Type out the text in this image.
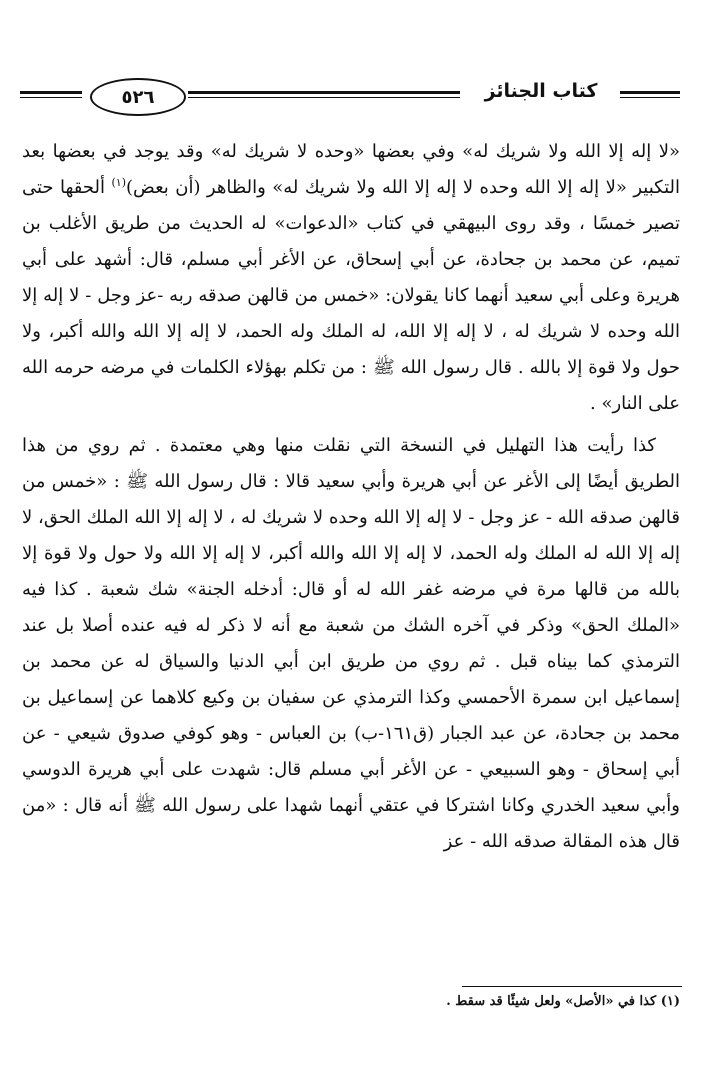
٥٢٦	كتاب الجنائز

«لا إله إلا الله ولا شريك له» وفي بعضها «وحده لا شريك له» وقد يوجد في بعضها بعد التكبير «لا إله إلا الله وحده لا إله إلا الله ولا شريك له» والظاهر (أن بعض)$^{(١)}$ ألحقها حتى تصير خمسًا ، وقد روى البيهقي في كتاب «الدعوات» له الحديث من طريق الأغلب بن تميم، عن محمد بن جحادة، عن أبي إسحاق، عن الأغر أبي مسلم، قال: أشهد على أبي هريرة وعلى أبي سعيد أنهما كانا يقولان: «خمس من قالهن صدقه ربه -عز وجل - لا إله إلا الله وحده لا شريك له ، لا إله إلا الله، له الملك وله الحمد، لا إله إلا الله والله أكبر، ولا حول ولا قوة إلا بالله . قال رسول الله ﷺ : من تكلم بهؤلاء الكلمات في مرضه حرمه الله على النار» .

كذا رأيت هذا التهليل في النسخة التي نقلت منها وهي معتمدة . ثم روي من هذا الطريق أيضًا إلى الأغر عن أبي هريرة وأبي سعيد قالا : قال رسول الله ﷺ : «خمس من قالهن صدقه الله - عز وجل - لا إله إلا الله وحده لا شريك له ، لا إله إلا الله الملك الحق، لا إله إلا الله له الملك وله الحمد، لا إله إلا الله والله أكبر، لا إله إلا الله ولا حول ولا قوة إلا بالله من قالها مرة في مرضه غفر الله له أو قال: أدخله الجنة» شك شعبة . كذا فيه «الملك الحق» وذكر في آخره الشك من شعبة مع أنه لا ذكر له فيه عنده أصلا بل عند الترمذي كما بيناه قبل . ثم روي من طريق ابن أبي الدنيا والسياق له عن محمد بن إسماعيل ابن سمرة الأحمسي وكذا الترمذي عن سفيان بن وكيع كلاهما عن إسماعيل بن محمد بن جحادة، عن عبد الجبار (ق١٦١-ب) بن العباس - وهو كوفي صدوق شيعي - عن أبي إسحاق - وهو السبيعي - عن الأغر أبي مسلم قال: شهدت على أبي هريرة الدوسي وأبي سعيد الخدري وكانا اشتركا في عتقي أنهما شهدا على رسول الله ﷺ أنه قال : «من قال هذه المقالة صدقه الله - عز

(١) كذا في «الأصل» ولعل شيئًا قد سقط .
